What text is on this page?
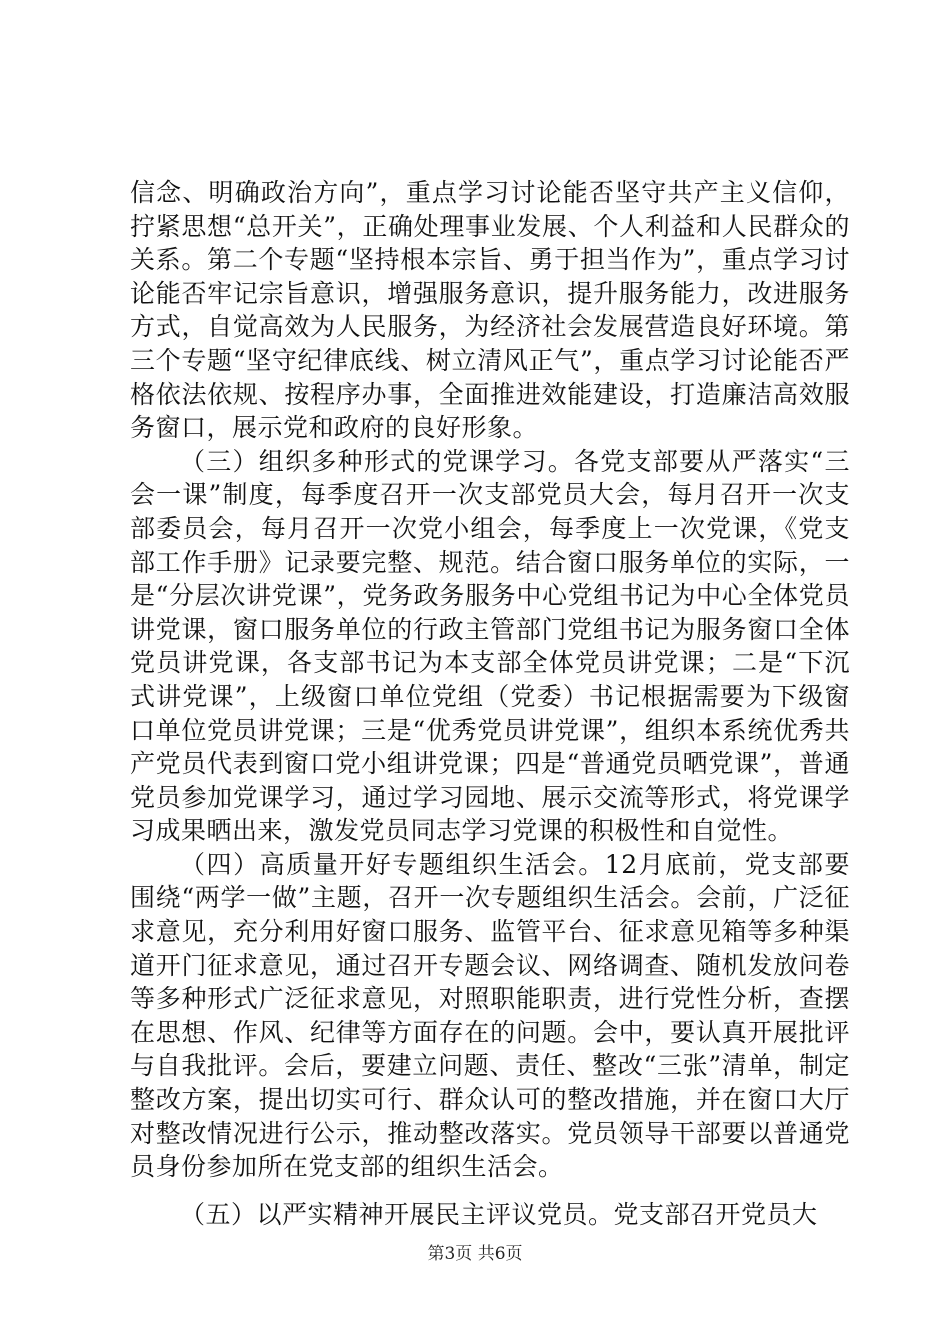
信念、明确政治方向”，重点学习讨论能否坚守共产主义信仰，拧紧思想“总开关”，正确处理事业发展、个人利益和人民群众的关系。第二个专题“坚持根本宗旨、勇于担当作为”，重点学习讨论能否牢记宗旨意识，增强服务意识，提升服务能力，改进服务方式，自觉高效为人民服务，为经济社会发展营造良好环境。第三个专题“坚守纪律底线、树立清风正气”，重点学习讨论能否严格依法依规、按程序办事，全面推进效能建设，打造廉洁高效服务窗口，展示党和政府的良好形象。

（三）组织多种形式的党课学习。各党支部要从严落实“三会一课”制度，每季度召开一次支部党员大会，每月召开一次支部委员会，每月召开一次党小组会，每季度上一次党课，《党支部工作手册》记录要完整、规范。结合窗口服务单位的实际，一是“分层次讲党课”，党务政务服务中心党组书记为中心全体党员讲党课，窗口服务单位的行政主管部门党组书记为服务窗口全体党员讲党课，各支部书记为本支部全体党员讲党课；二是“下沉式讲党课”，上级窗口单位党组（党委）书记根据需要为下级窗口单位党员讲党课；三是“优秀党员讲党课”，组织本系统优秀共产党员代表到窗口党小组讲党课；四是“普通党员晒党课”，普通党员参加党课学习，通过学习园地、展示交流等形式，将党课学习成果晒出来，激发党员同志学习党课的积极性和自觉性。

（四）高质量开好专题组织生活会。12月底前，党支部要围绕“两学一做”主题，召开一次专题组织生活会。会前，广泛征求意见，充分利用好窗口服务、监管平台、征求意见箱等多种渠道开门征求意见，通过召开专题会议、网络调查、随机发放问卷等多种形式广泛征求意见，对照职能职责，进行党性分析，查摆在思想、作风、纪律等方面存在的问题。会中，要认真开展批评与自我批评。会后，要建立问题、责任、整改“三张”清单，制定整改方案，提出切实可行、群众认可的整改措施，并在窗口大厅对整改情况进行公示，推动整改落实。党员领导干部要以普通党员身份参加所在党支部的组织生活会。

（五）以严实精神开展民主评议党员。党支部召开党员大

第3页 共6页
